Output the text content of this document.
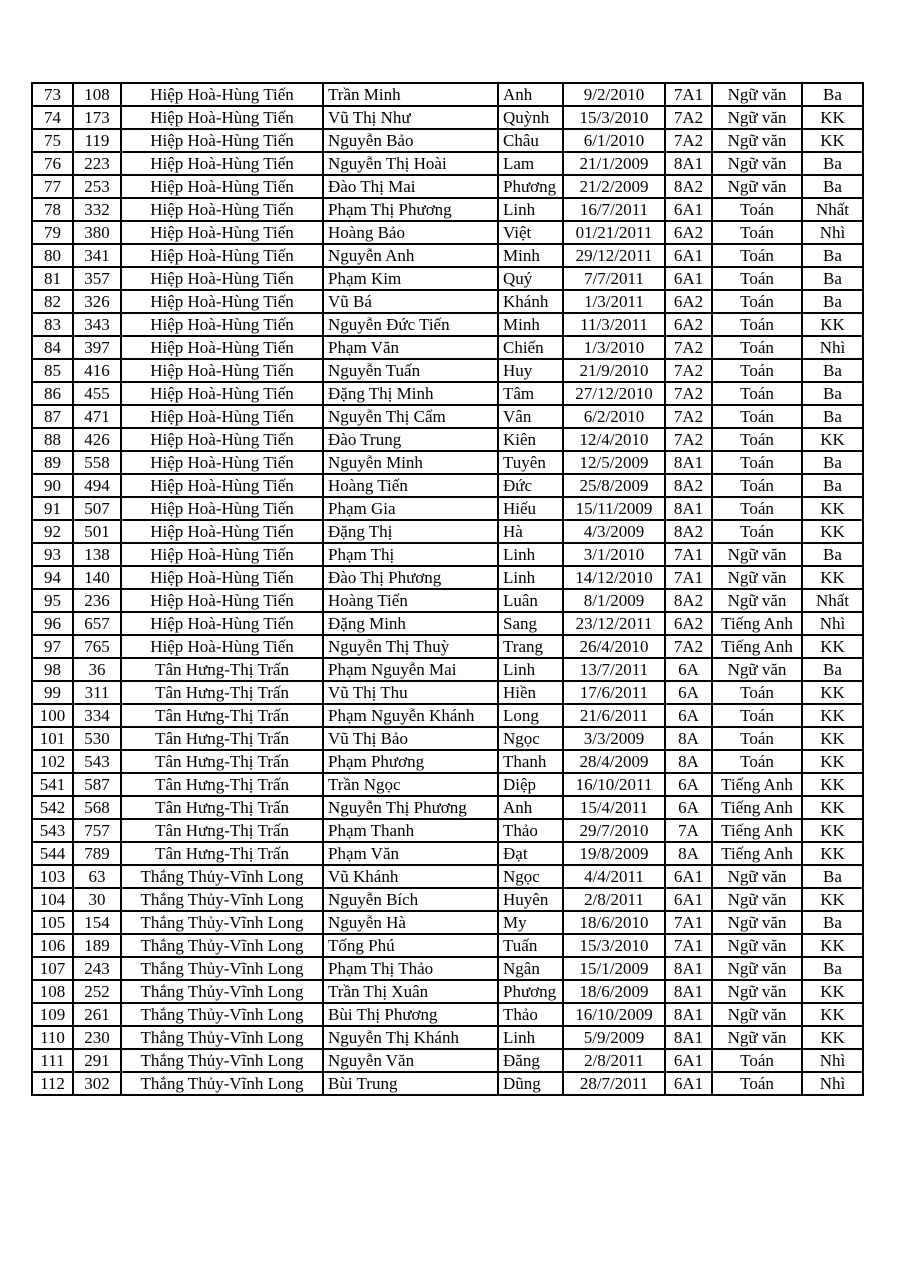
73	108	Hiệp Hoà-Hùng Tiến	Trần Minh	Anh	9/2/2010	7A1	Ngữ văn	Ba
74	173	Hiệp Hoà-Hùng Tiến	Vũ Thị Như	Quỳnh	15/3/2010	7A2	Ngữ văn	KK
75	119	Hiệp Hoà-Hùng Tiến	Nguyễn Bảo	Châu	6/1/2010	7A2	Ngữ văn	KK
76	223	Hiệp Hoà-Hùng Tiến	Nguyễn Thị Hoài	Lam	21/1/2009	8A1	Ngữ văn	Ba
77	253	Hiệp Hoà-Hùng Tiến	Đào Thị Mai	Phương	21/2/2009	8A2	Ngữ văn	Ba
78	332	Hiệp Hoà-Hùng Tiến	Phạm Thị Phương	Linh	16/7/2011	6A1	Toán	Nhất
79	380	Hiệp Hoà-Hùng Tiến	Hoàng Bảo	Việt	01/21/2011	6A2	Toán	Nhì
80	341	Hiệp Hoà-Hùng Tiến	Nguyễn Anh	Minh	29/12/2011	6A1	Toán	Ba
81	357	Hiệp Hoà-Hùng Tiến	Phạm Kim	Quý	7/7/2011	6A1	Toán	Ba
82	326	Hiệp Hoà-Hùng Tiến	Vũ Bá	Khánh	1/3/2011	6A2	Toán	Ba
83	343	Hiệp Hoà-Hùng Tiến	Nguyễn Đức Tiến	Minh	11/3/2011	6A2	Toán	KK
84	397	Hiệp Hoà-Hùng Tiến	Phạm Văn	Chiến	1/3/2010	7A2	Toán	Nhì
85	416	Hiệp Hoà-Hùng Tiến	Nguyễn Tuấn	Huy	21/9/2010	7A2	Toán	Ba
86	455	Hiệp Hoà-Hùng Tiến	Đặng Thị Minh	Tâm	27/12/2010	7A2	Toán	Ba
87	471	Hiệp Hoà-Hùng Tiến	Nguyễn Thị Cẩm	Vân	6/2/2010	7A2	Toán	Ba
88	426	Hiệp Hoà-Hùng Tiến	Đào Trung	Kiên	12/4/2010	7A2	Toán	KK
89	558	Hiệp Hoà-Hùng Tiến	Nguyễn Minh	Tuyên	12/5/2009	8A1	Toán	Ba
90	494	Hiệp Hoà-Hùng Tiến	Hoàng Tiến	Đức	25/8/2009	8A2	Toán	Ba
91	507	Hiệp Hoà-Hùng Tiến	Phạm Gia	Hiếu	15/11/2009	8A1	Toán	KK
92	501	Hiệp Hoà-Hùng Tiến	Đặng Thị	Hà	4/3/2009	8A2	Toán	KK
93	138	Hiệp Hoà-Hùng Tiến	Phạm Thị	Linh	3/1/2010	7A1	Ngữ văn	Ba
94	140	Hiệp Hoà-Hùng Tiến	Đào Thị Phương	Linh	14/12/2010	7A1	Ngữ văn	KK
95	236	Hiệp Hoà-Hùng Tiến	Hoàng Tiến	Luân	8/1/2009	8A2	Ngữ văn	Nhất
96	657	Hiệp Hoà-Hùng Tiến	Đặng Minh	Sang	23/12/2011	6A2	Tiếng Anh	Nhì
97	765	Hiệp Hoà-Hùng Tiến	Nguyễn Thị Thuỳ	Trang	26/4/2010	7A2	Tiếng Anh	KK
98	36	Tân Hưng-Thị Trấn	Phạm Nguyễn Mai	Linh	13/7/2011	6A	Ngữ văn	Ba
99	311	Tân Hưng-Thị Trấn	Vũ Thị Thu	Hiền	17/6/2011	6A	Toán	KK
100	334	Tân Hưng-Thị Trấn	Phạm Nguyễn Khánh	Long	21/6/2011	6A	Toán	KK
101	530	Tân Hưng-Thị Trấn	Vũ Thị Bảo	Ngọc	3/3/2009	8A	Toán	KK
102	543	Tân Hưng-Thị Trấn	Phạm Phương	Thanh	28/4/2009	8A	Toán	KK
541	587	Tân Hưng-Thị Trấn	Trần Ngọc	Diệp	16/10/2011	6A	Tiếng Anh	KK
542	568	Tân Hưng-Thị Trấn	Nguyễn Thị Phương	Anh	15/4/2011	6A	Tiếng Anh	KK
543	757	Tân Hưng-Thị Trấn	Phạm Thanh	Thảo	29/7/2010	7A	Tiếng Anh	KK
544	789	Tân Hưng-Thị Trấn	Phạm Văn	Đạt	19/8/2009	8A	Tiếng Anh	KK
103	63	Thắng Thủy-Vĩnh Long	Vũ Khánh	Ngọc	4/4/2011	6A1	Ngữ văn	Ba
104	30	Thắng Thủy-Vĩnh Long	Nguyễn Bích	Huyên	2/8/2011	6A1	Ngữ văn	KK
105	154	Thắng Thủy-Vĩnh Long	Nguyễn Hà	My	18/6/2010	7A1	Ngữ văn	Ba
106	189	Thắng Thủy-Vĩnh Long	Tống Phú	Tuấn	15/3/2010	7A1	Ngữ văn	KK
107	243	Thắng Thủy-Vĩnh Long	Phạm Thị Thảo	Ngân	15/1/2009	8A1	Ngữ văn	Ba
108	252	Thắng Thủy-Vĩnh Long	Trần Thị Xuân	Phương	18/6/2009	8A1	Ngữ văn	KK
109	261	Thắng Thủy-Vĩnh Long	Bùi Thị Phương	Thảo	16/10/2009	8A1	Ngữ văn	KK
110	230	Thắng Thủy-Vĩnh Long	Nguyễn Thị Khánh	Linh	5/9/2009	8A1	Ngữ văn	KK
111	291	Thắng Thủy-Vĩnh Long	Nguyễn Văn	Đăng	2/8/2011	6A1	Toán	Nhì
112	302	Thắng Thủy-Vĩnh Long	Bùi Trung	Dũng	28/7/2011	6A1	Toán	Nhì
